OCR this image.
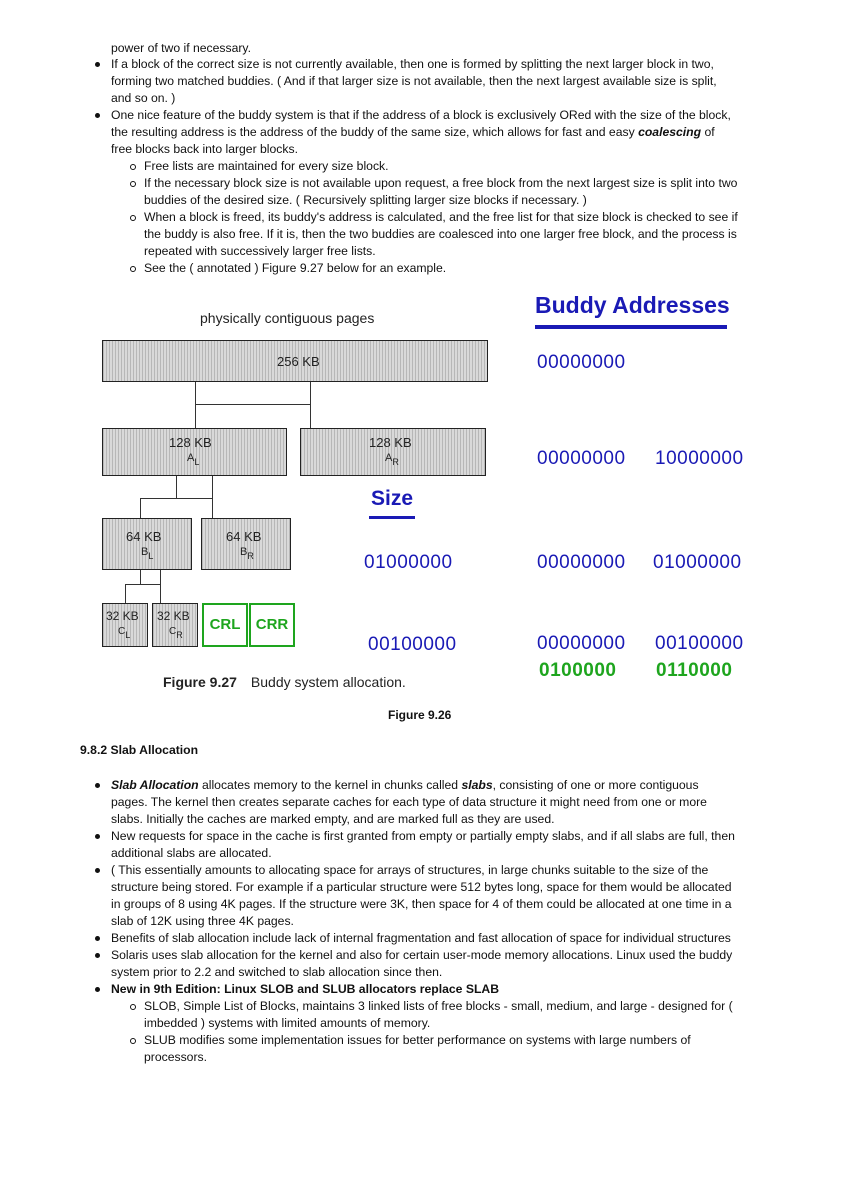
power of two if necessary.
If a block of the correct size is not currently available, then one is formed by splitting the next larger block in two,
forming two matched buddies. ( And if that larger size is not available, then the next largest available size is split,
and so on. )
One nice feature of the buddy system is that if the address of a block is exclusively ORed with the size of the block,
the resulting address is the address of the buddy of the same size, which allows for fast and easy coalescing of
free blocks back into larger blocks.
Free lists are maintained for every size block.
If the necessary block size is not available upon request, a free block from the next largest size is split into two
buddies of the desired size. ( Recursively splitting larger size blocks if necessary. )
When a block is freed, its buddy's address is calculated, and the free list for that size block is checked to see if
the buddy is also free. If it is, then the two buddies are coalesced into one larger free block, and the process is
repeated with successively larger free lists.
See the ( annotated ) Figure 9.27 below for an example.
physically contiguous pages
256 KB
128 KB
$A_L$
128 KB
$A_R$
64 KB
$B_L$
64 KB
$B_R$
32 KB
CL
32 KB
CR
CRL	CRR
Figure 9.27 Buddy system allocation.
Buddy Addresses
00000000
00000000 10000000
Size
01000000	00000000 01000000
00100000	00000000 00100000
0100000 0110000
Figure 9.26
9.8.2 Slab Allocation
Slab Allocation allocates memory to the kernel in chunks called slabs, consisting of one or more contiguous
pages. The kernel then creates separate caches for each type of data structure it might need from one or more
slabs. Initially the caches are marked empty, and are marked full as they are used.
New requests for space in the cache is first granted from empty or partially empty slabs, and if all slabs are full, then
additional slabs are allocated.
( This essentially amounts to allocating space for arrays of structures, in large chunks suitable to the size of the
structure being stored. For example if a particular structure were 512 bytes long, space for them would be allocated
in groups of 8 using 4K pages. If the structure were 3K, then space for 4 of them could be allocated at one time in a
slab of 12K using three 4K pages.
Benefits of slab allocation include lack of internal fragmentation and fast allocation of space for individual structures
Solaris uses slab allocation for the kernel and also for certain user-mode memory allocations. Linux used the buddy
system prior to 2.2 and switched to slab allocation since then.
New in 9th Edition: Linux SLOB and SLUB allocators replace SLAB
SLOB, Simple List of Blocks, maintains 3 linked lists of free blocks - small, medium, and large - designed for (
imbedded ) systems with limited amounts of memory.
SLUB modifies some implementation issues for better performance on systems with large numbers of
processors.
